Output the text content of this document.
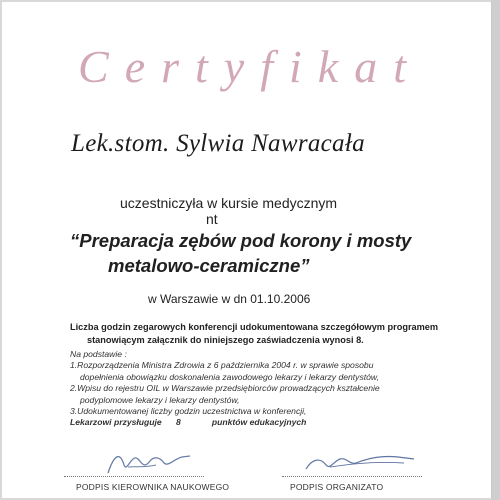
Certyfikat
Lek.stom. Sylwia Nawracała
uczestniczyła w kursie medycznym
nt
“Preparacja zębów pod korony i mosty
metalowo-ceramiczne”
w Warszawie w dn 01.10.2006
Liczba godzin zegarowych konferencji udokumentowana szczegółowym programem
stanowiącym załącznik do niniejszego zaświadczenia wynosi 8.
Na podstawie :
1.Rozporządzenia Ministra Zdrowia z 6 października 2004 r. w sprawie sposobu
dopełnienia obowiązku doskonalenia zawodowego lekarzy i lekarzy dentystów,
2.Wpisu do rejestru OIL w Warszawie przedsiębiorców prowadzących kształcenie
podyplomowe lekarzy i lekarzy dentystów,
3.Udokumentowanej liczby godzin uczestnictwa w konferencji,
Lekarzowi przysługuje 8	punktów edukacyjnych
PODPIS KIEROWNIKA NAUKOWEGO	PODPIS ORGANIZATO
